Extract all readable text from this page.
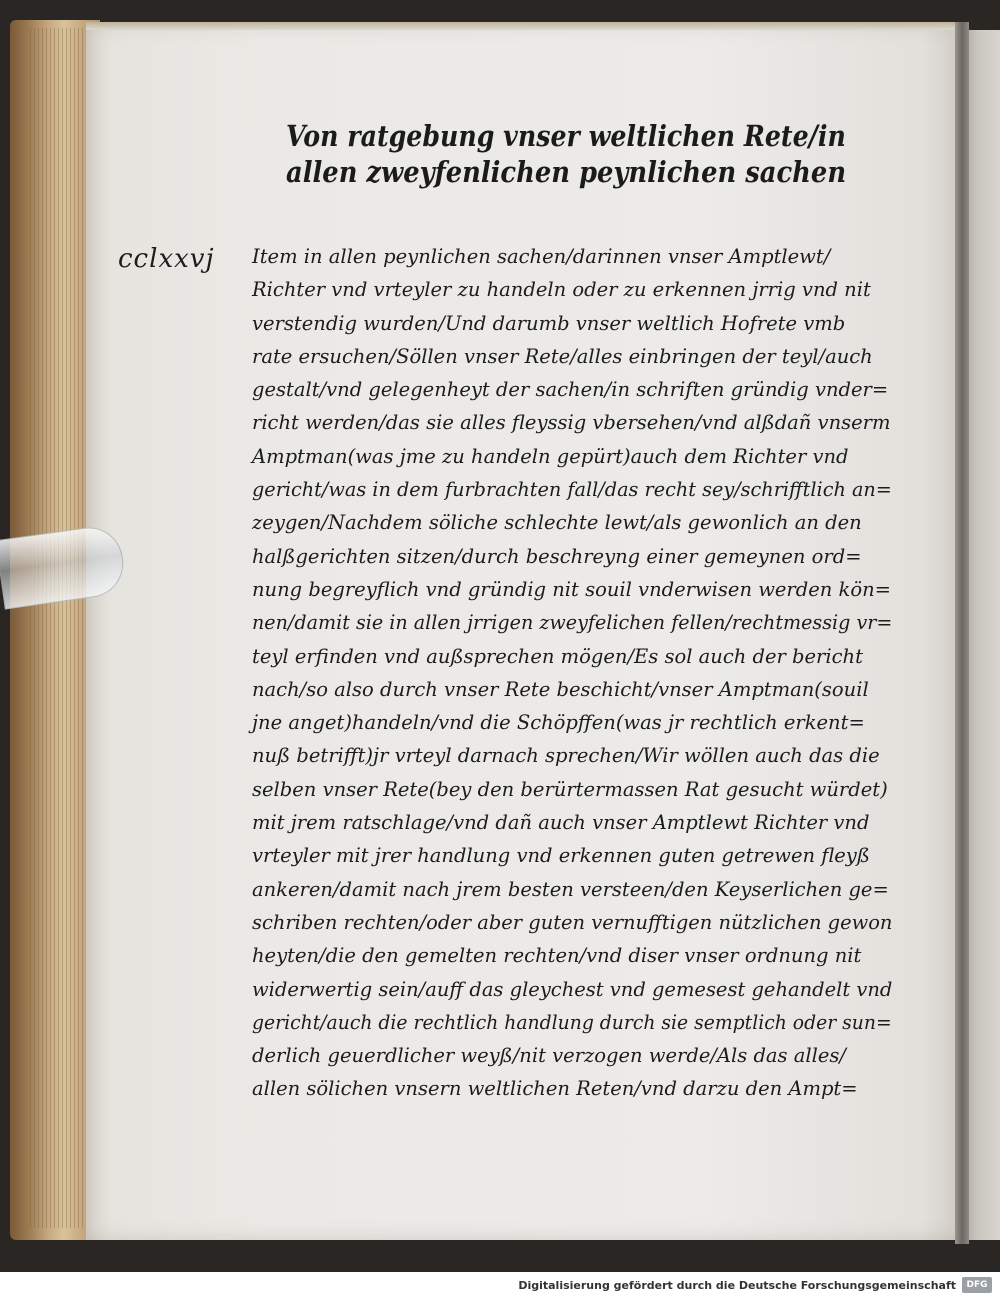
Von ratgebung vnser weltlichen Rete/in
allen zweyfenlichen peynlichen sachen
cclxxvj Item in allen peynlichen sachen/darinnen vnser Amptlewt/
Richter vnd vrteyler zu handeln oder zu erkennen jrrig vnd nit
verstendig wurden/Und darumb vnser weltlich Hofrete vmb
rate ersuchen/Söllen vnser Rete/alles einbringen der teyl/auch
gestalt/vnd gelegenheyt der sachen/in schriften gründig vnder=
richt werden/das sie alles fleyssig vbersehen/vnd alßdañ vnserm
Amptman(was jme zu handeln gepürt)auch dem Richter vnd
gericht/was in dem furbrachten fall/das recht sey/schrifftlich an=
zeygen/Nachdem söliche schlechte lewt/als gewonlich an den
halßgerichten sitzen/durch beschreyng einer gemeynen ord=
nung begreyflich vnd gründig nit souil vnderwisen werden kön=
nen/damit sie in allen jrrigen zweyfelichen fellen/rechtmessig vr=
teyl erfinden vnd außsprechen mögen/Es sol auch der bericht
nach/so also durch vnser Rete beschicht/vnser Amptman(souil
jne anget)handeln/vnd die Schöpffen(was jr rechtlich erkent=
nuß betrifft)jr vrteyl darnach sprechen/Wir wöllen auch das die
selben vnser Rete(bey den berürtermassen Rat gesucht würdet)
mit jrem ratschlage/vnd dañ auch vnser Amptlewt Richter vnd
vrteyler mit jrer handlung vnd erkennen guten getrewen fleyß
ankeren/damit nach jrem besten versteen/den Keyserlichen ge=
schriben rechten/oder aber guten vernufftigen nützlichen gewon
heyten/die den gemelten rechten/vnd diser vnser ordnung nit
widerwertig sein/auff das gleychest vnd gemesest gehandelt vnd
gericht/auch die rechtlich handlung durch sie semptlich oder sun=
derlich geuerdlicher weyß/nit verzogen werde/Als das alles/
allen sölichen vnsern weltlichen Reten/vnd darzu den Ampt=
Digitalisierung gefördert durch die Deutsche Forschungsgemeinschaft	DFG
